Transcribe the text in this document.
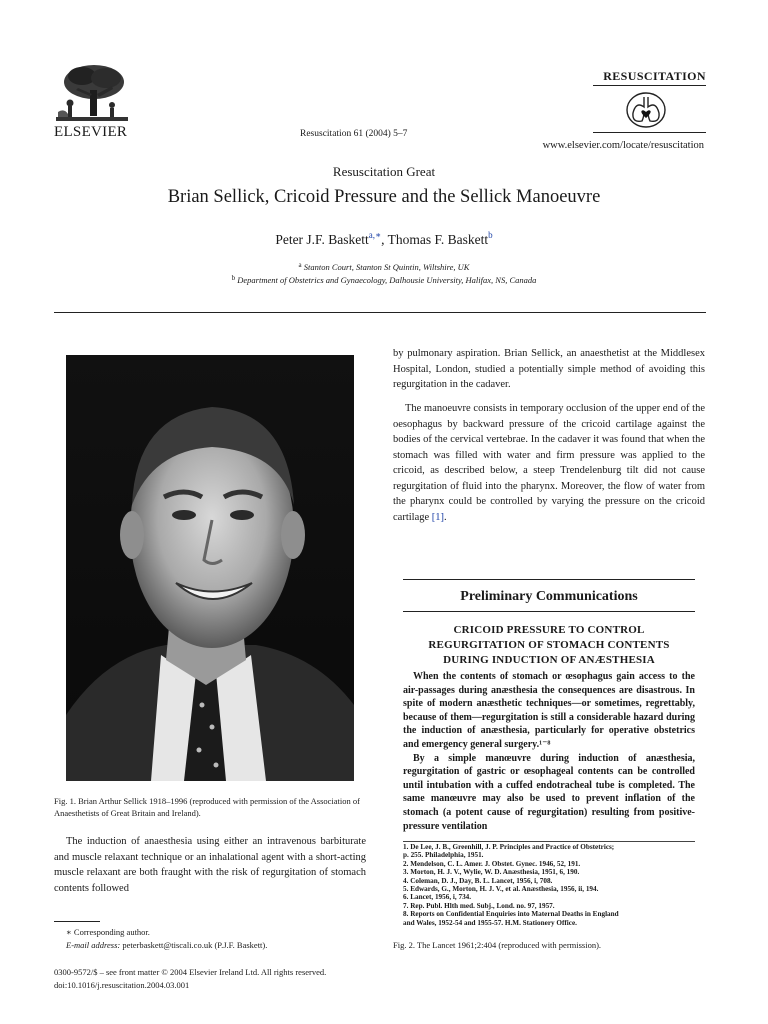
ELSEVIER	Resuscitation 61 (2004) 5–7
RESUSCITATION
www.elsevier.com/locate/resuscitation
Resuscitation Great
Brian Sellick, Cricoid Pressure and the Sellick Manoeuvre
Peter J.F. Baskett$^{a,∗}$, Thomas F. Baskett$^b$
$^a$ Stanton Court, Stanton St Quintin, Wiltshire, UK
$^b$ Department of Obstetrics and Gynaecology, Dalhousie University, Halifax, NS, Canada
Fig. 1. Brian Arthur Sellick 1918–1996 (reproduced with permission of the Association of Anaesthetists of Great Britain and Ireland).
The induction of anaesthesia using either an intravenous barbiturate and muscle relaxant technique or an inhalational agent with a short-acting muscle relaxant are both fraught with the risk of regurgitation of stomach contents followed
by pulmonary aspiration. Brian Sellick, an anaesthetist at the Middlesex Hospital, London, studied a potentially simple method of avoiding this regurgitation in the cadaver.
The manoeuvre consists in temporary occlusion of the upper end of the oesophagus by backward pressure of the cricoid cartilage against the bodies of the cervical vertebrae. In the cadaver it was found that when the stomach was filled with water and firm pressure was applied to the cricoid, as described below, a steep Trendelenburg tilt did not cause regurgitation of fluid into the pharynx. Moreover, the flow of water from the pharynx could be controlled by varying the pressure on the cricoid cartilage [1].
Preliminary Communications
CRICOID PRESSURE TO CONTROL
REGURGITATION OF STOMACH CONTENTS
DURING INDUCTION OF ANÆSTHESIA

When the contents of stomach or œsophagus gain access to the air-passages during anæsthesia the consequences are disastrous. In spite of modern anæsthetic techniques—or sometimes, regrettably, because of them—regurgitation is still a considerable hazard during the induction of anæsthesia, particularly for operative obstetrics and emergency general surgery.¹⁻⁸

By a simple manœuvre during induction of anæsthesia, regurgitation of gastric or œsophageal contents can be controlled until intubation with a cuffed endotracheal tube is completed. The same manœuvre may also be used to prevent inflation of the stomach (a potent cause of regurgitation) resulting from positive-pressure ventilation

1. De Lee, J. B., Greenhill, J. P. Principles and Practice of Obstetrics;
p. 255. Philadelphia, 1951.
2. Mendelson, C. L. Amer. J. Obstet. Gynec. 1946, 52, 191.
3. Morton, H. J. V., Wylie, W. D. Anæsthesia, 1951, 6, 190.
4. Coleman, D. J., Day, B. L. Lancet, 1956, i, 708.
5. Edwards, G., Morton, H. J. V., et al. Anæsthesia, 1956, ii, 194.
6. Lancet, 1956, i, 734.
7. Rep. Publ. Hlth med. Subj., Lond. no. 97, 1957.
8. Reports on Confidential Enquiries into Maternal Deaths in England
and Wales, 1952-54 and 1955-57. H.M. Stationery Office.
Fig. 2. The Lancet 1961;2:404 (reproduced with permission).
∗ Corresponding author.
E-mail address: peterbaskett@tiscali.co.uk (P.J.F. Baskett).
0300-9572/$ – see front matter © 2004 Elsevier Ireland Ltd. All rights reserved.
doi:10.1016/j.resuscitation.2004.03.001
